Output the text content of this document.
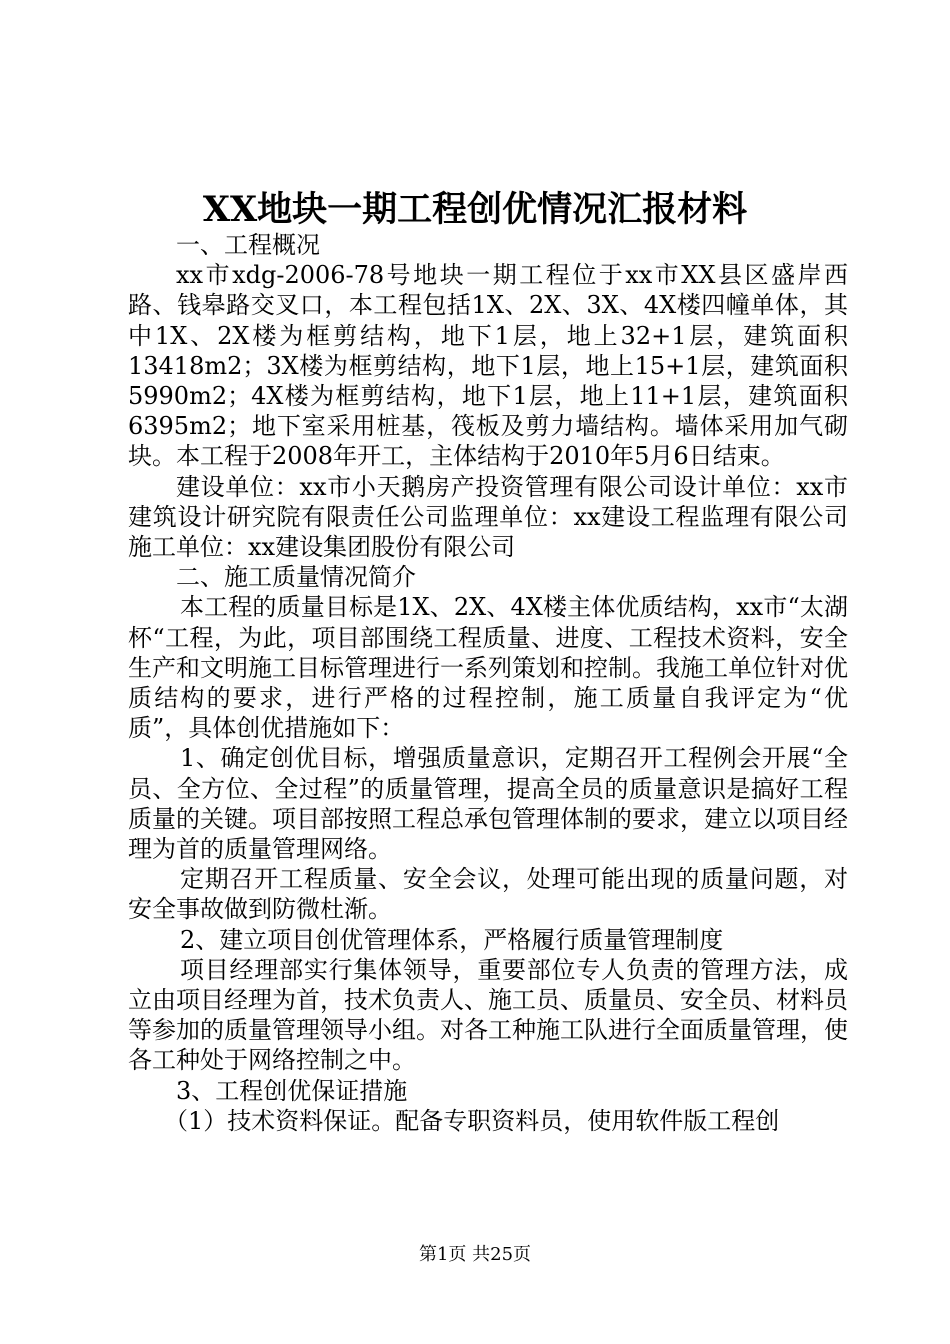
XX地块一期工程创优情况汇报材料

一、工程概况

xx市xdg-2006-78号地块一期工程位于xx市XX县区盛岸西路、钱皋路交叉口，本工程包括1X、2X、3X、4X楼四幢单体，其中1X、2X楼为框剪结构，地下1层，地上32+1层，建筑面积13418m2；3X楼为框剪结构，地下1层，地上15+1层，建筑面积5990m2；4X楼为框剪结构，地下1层，地上11+1层，建筑面积6395m2；地下室采用桩基，筏板及剪力墙结构。墙体采用加气砌块。本工程于2008年开工，主体结构于2010年5月6日结束。

建设单位：xx市小天鹅房产投资管理有限公司设计单位：xx市建筑设计研究院有限责任公司监理单位：xx建设工程监理有限公司施工单位：xx建设集团股份有限公司

二、施工质量情况简介

本工程的质量目标是1X、2X、4X楼主体优质结构，xx市“太湖杯“工程，为此，项目部围绕工程质量、进度、工程技术资料，安全生产和文明施工目标管理进行一系列策划和控制。我施工单位针对优质结构的要求，进行严格的过程控制，施工质量自我评定为“优质”，具体创优措施如下：

1、确定创优目标，增强质量意识，定期召开工程例会开展“全员、全方位、全过程”的质量管理，提高全员的质量意识是搞好工程质量的关键。项目部按照工程总承包管理体制的要求，建立以项目经理为首的质量管理网络。

定期召开工程质量、安全会议，处理可能出现的质量问题，对安全事故做到防微杜渐。

2、建立项目创优管理体系，严格履行质量管理制度

项目经理部实行集体领导，重要部位专人负责的管理方法，成立由项目经理为首，技术负责人、施工员、质量员、安全员、材料员等参加的质量管理领导小组。对各工种施工队进行全面质量管理，使各工种处于网络控制之中。

3、工程创优保证措施

（1）技术资料保证。配备专职资料员，使用软件版工程创

第1页 共25页
